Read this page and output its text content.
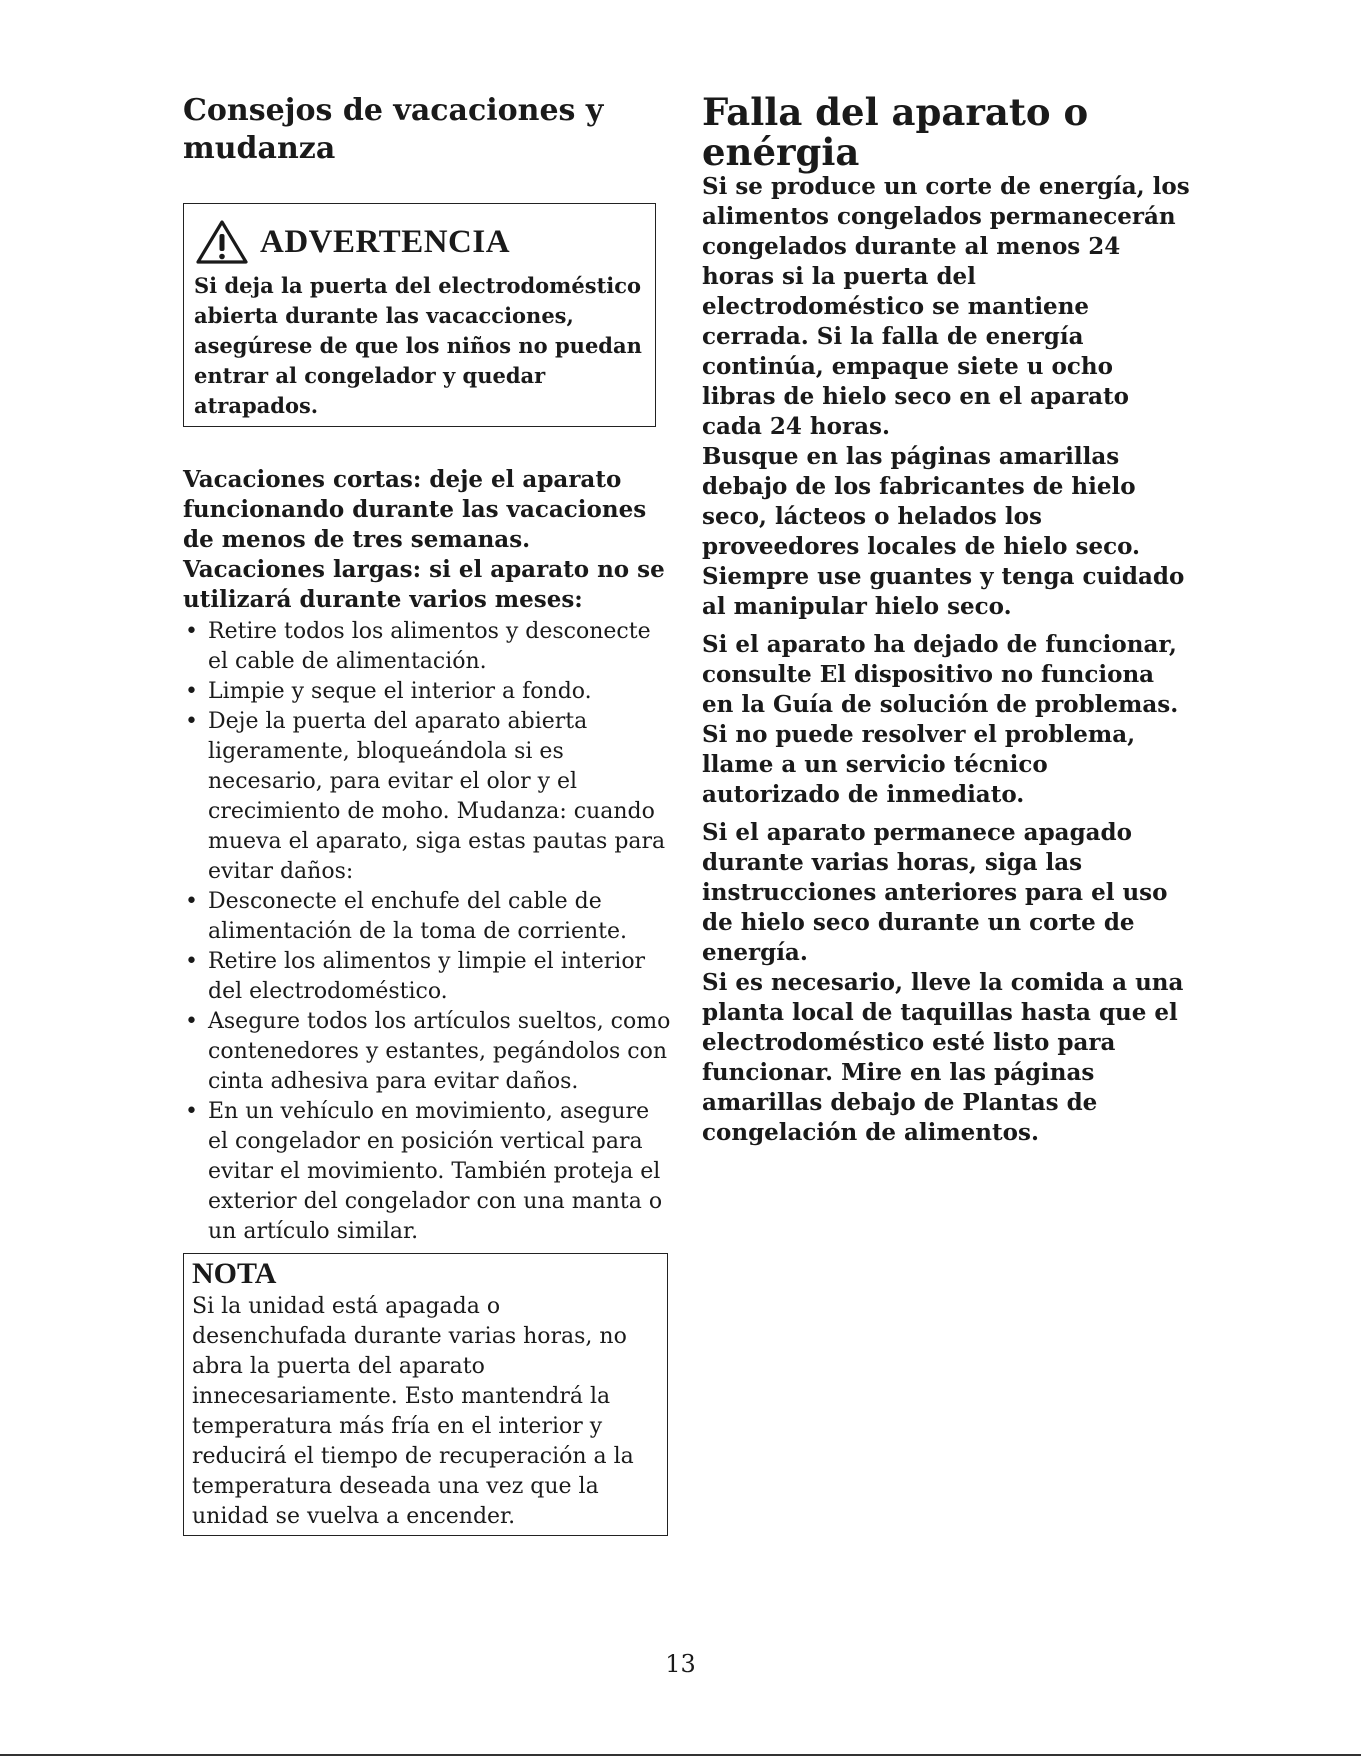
Consejos de vacaciones y
mudanza
ADVERTENCIA
Si deja la puerta del electrodoméstico abierta durante las vacacciones, asegúrese de que los niños no puedan entrar al congelador y quedar atrapados.

Vacaciones cortas: deje el aparato funcionando durante las vacaciones de menos de tres semanas.

Vacaciones largas: si el aparato no se utilizará durante varios meses:

• Retire todos los alimentos y desconecte el cable de alimentación.
• Limpie y seque el interior a fondo.
• Deje la puerta del aparato abierta ligeramente, bloqueándola si es necesario, para evitar el olor y el crecimiento de moho. Mudanza: cuando mueva el aparato, siga estas pautas para evitar daños:
• Desconecte el enchufe del cable de alimentación de la toma de corriente.
• Retire los alimentos y limpie el interior del electrodoméstico.
• Asegure todos los artículos sueltos, como contenedores y estantes, pegándolos con cinta adhesiva para evitar daños.
• En un vehículo en movimiento, asegure el congelador en posición vertical para evitar el movimiento. También proteja el exterior del congelador con una manta o un artículo similar.
NOTA
Si la unidad está apagada o desenchufada durante varias horas, no abra la puerta del aparato innecesariamente. Esto mantendrá la temperatura más fría en el interior y reducirá el tiempo de recuperación a la temperatura deseada una vez que la unidad se vuelva a encender.
Falla del aparato o
enérgia

Si se produce un corte de energía, los alimentos congelados permanecerán congelados durante al menos 24 horas si la puerta del electrodoméstico se mantiene cerrada. Si la falla de energía continúa, empaque siete u ocho libras de hielo seco en el aparato cada 24 horas.

Busque en las páginas amarillas debajo de los fabricantes de hielo seco, lácteos o helados los proveedores locales de hielo seco. Siempre use guantes y tenga cuidado al manipular hielo seco.

Si el aparato ha dejado de funcionar, consulte El dispositivo no funciona en la Guía de solución de problemas. Si no puede resolver el problema, llame a un servicio técnico autorizado de inmediato.

Si el aparato permanece apagado durante varias horas, siga las instrucciones anteriores para el uso de hielo seco durante un corte de energía.

Si es necesario, lleve la comida a una planta local de taquillas hasta que el electrodoméstico esté listo para funcionar. Mire en las páginas amarillas debajo de Plantas de congelación de alimentos.

13
